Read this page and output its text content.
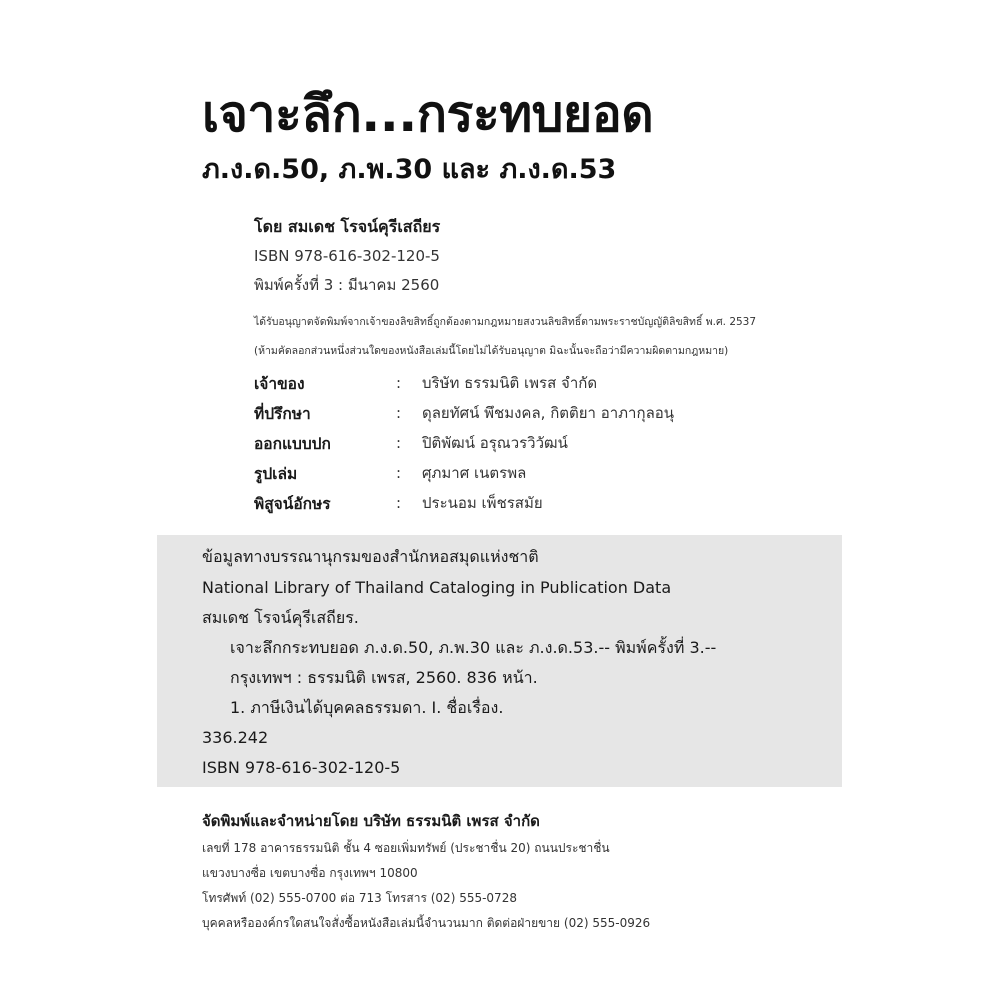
เจาะลึก...กระทบยอด
ภ.ง.ด.50, ภ.พ.30 และ ภ.ง.ด.53
โดย สมเดช โรจน์คุรีเสถียร
ISBN 978-616-302-120-5
พิมพ์ครั้งที่ 3 : มีนาคม 2560
ได้รับอนุญาตจัดพิมพ์จากเจ้าของลิขสิทธิ์ถูกต้องตามกฎหมายสงวนลิขสิทธิ์ตามพระราชบัญญัติลิขสิทธิ์ พ.ศ. 2537
(ห้ามคัดลอกส่วนหนึ่งส่วนใดของหนังสือเล่มนี้โดยไม่ได้รับอนุญาต มิฉะนั้นจะถือว่ามีความผิดตามกฎหมาย)
เจ้าของ	:	บริษัท ธรรมนิติ เพรส จำกัด
ที่ปรึกษา	:	ดุลยทัศน์ พึชมงคล, กิตติยา อาภากุลอนุ
ออกแบบปก	:	ปิติพัฒน์ อรุณวรวิวัฒน์
รูปเล่ม	:	ศุภมาศ เนตรพล
พิสูจน์อักษร	:	ประนอม เพ็ชรสมัย
ข้อมูลทางบรรณานุกรมของสำนักหอสมุดแห่งชาติ
National Library of Thailand Cataloging in Publication Data
สมเดช โรจน์คุรีเสถียร.
เจาะลึกกระทบยอด ภ.ง.ด.50, ภ.พ.30 และ ภ.ง.ด.53.-- พิมพ์ครั้งที่ 3.--
กรุงเทพฯ : ธรรมนิติ เพรส, 2560. 836 หน้า.
1. ภาษีเงินได้บุคคลธรรมดา. I. ชื่อเรื่อง.
336.242
ISBN 978-616-302-120-5
จัดพิมพ์และจำหน่ายโดย บริษัท ธรรมนิติ เพรส จำกัด
เลขที่ 178 อาคารธรรมนิติ ชั้น 4 ซอยเพิ่มทรัพย์ (ประชาชื่น 20) ถนนประชาชื่น
แขวงบางซื่อ เขตบางซื่อ กรุงเทพฯ 10800
โทรศัพท์ (02) 555-0700 ต่อ 713 โทรสาร (02) 555-0728
บุคคลหรือองค์กรใดสนใจสั่งซื้อหนังสือเล่มนี้จำนวนมาก ติดต่อฝ่ายขาย (02) 555-0926
